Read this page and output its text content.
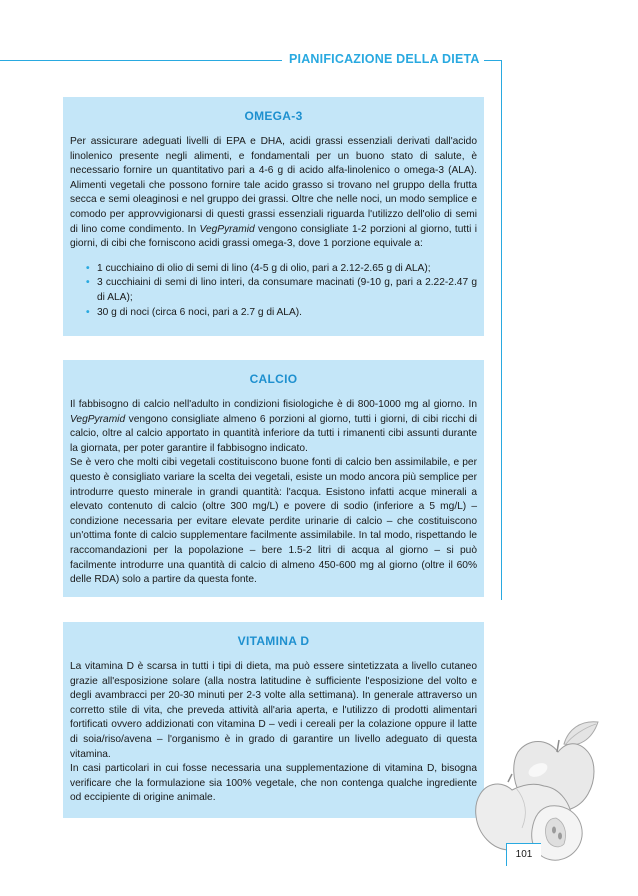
PIANIFICAZIONE DELLA DIETA
OMEGA-3

Per assicurare adeguati livelli di EPA e DHA, acidi grassi essenziali derivati dall'acido linolenico presente negli alimenti, e fondamentali per un buono stato di salute, è necessario fornire un quantitativo pari a 4-6 g di acido alfa-linolenico o omega-3 (ALA). Alimenti vegetali che possono fornire tale acido grasso si trovano nel gruppo della frutta secca e semi oleaginosi e nel gruppo dei grassi. Oltre che nelle noci, un modo semplice e comodo per approvvigionarsi di questi grassi essenziali riguarda l'utilizzo dell'olio di semi di lino come condimento. In VegPyramid vengono consigliate 1-2 porzioni al giorno, tutti i giorni, di cibi che forniscono acidi grassi omega-3, dove 1 porzione equivale a:

• 1 cucchiaino di olio di semi di lino (4-5 g di olio, pari a 2.12-2.65 g di ALA);
• 3 cucchiaini di semi di lino interi, da consumare macinati (9-10 g, pari a 2.22-2.47 g di ALA);
• 30 g di noci (circa 6 noci, pari a 2.7 g di ALA).
CALCIO

Il fabbisogno di calcio nell'adulto in condizioni fisiologiche è di 800-1000 mg al giorno. In VegPyramid vengono consigliate almeno 6 porzioni al giorno, tutti i giorni, di cibi ricchi di calcio, oltre al calcio apportato in quantità inferiore da tutti i rimanenti cibi assunti durante la giornata, per poter garantire il fabbisogno indicato.

Se è vero che molti cibi vegetali costituiscono buone fonti di calcio ben assimilabile, e per questo è consigliato variare la scelta dei vegetali, esiste un modo ancora più semplice per introdurre questo minerale in grandi quantità: l'acqua. Esistono infatti acque minerali a elevato contenuto di calcio (oltre 300 mg/L) e povere di sodio (inferiore a 5 mg/L) – condizione necessaria per evitare elevate perdite urinarie di calcio – che costituiscono un'ottima fonte di calcio supplementare facilmente assimilabile. In tal modo, rispettando le raccomandazioni per la popolazione – bere 1.5-2 litri di acqua al giorno – si può facilmente introdurre una quantità di calcio di almeno 450-600 mg al giorno (oltre il 60% delle RDA) solo a partire da questa fonte.

VITAMINA D

La vitamina D è scarsa in tutti i tipi di dieta, ma può essere sintetizzata a livello cutaneo grazie all'esposizione solare (alla nostra latitudine è sufficiente l'esposizione del volto e degli avambracci per 20-30 minuti per 2-3 volte alla settimana). In generale attraverso un corretto stile di vita, che preveda attività all'aria aperta, e l'utilizzo di prodotti alimentari fortificati ovvero addizionati con vitamina D – vedi i cereali per la colazione oppure il latte di soia/riso/avena – l'organismo è in grado di garantire un livello adeguato di questa vitamina.

In casi particolari in cui fosse necessaria una supplementazione di vitamina D, bisogna verificare che la formulazione sia 100% vegetale, che non contenga qualche ingrediente od eccipiente di origine animale.

101
